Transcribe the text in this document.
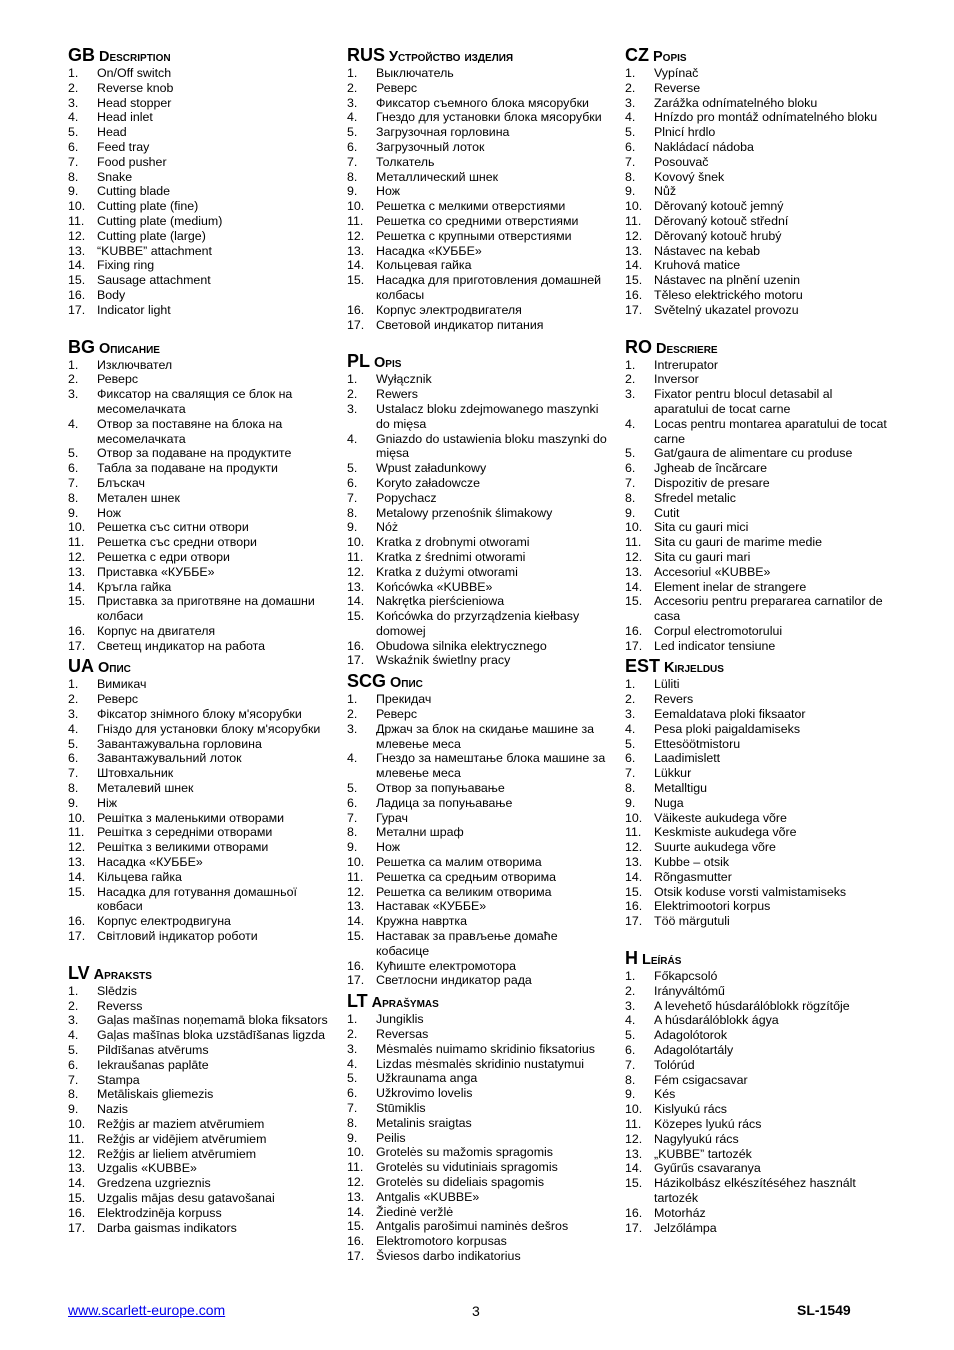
GB Description
1.	On/Off switch
2.	Reverse knob
3.	Head stopper
4.	Head inlet
5.	Head
6.	Feed tray
7.	Food pusher
8.	Snake
9.	Cutting blade
10. Cutting plate (fine)
11.	Cutting plate (medium)
12. Cutting plate (large)
13. “KUBBE” attachment
14. Fixing ring
15. Sausage attachment
16. Body
17. Indicator light
BG Описание
1.	Изключвател
2.	Реверс
3.	Фиксатор на свалящия се блок на месомелачката
4.	Отвор за поставяне на блока на месомелачката
5.	Отвор за подаване на продуктите
6.	Табла за подаване на продукти
7.	Блъскач
8.	Метален шнек
9.	Нож
10. Решетка със ситни отвори
11.	Решетка със средни отвори
12. Решетка с едри отвори
13. Приставка «КУББЕ»
14. Кръгла гайка
15. Приставка за приготвяне на домашни колбаси
16. Корпус на двигателя
17. Светещ индикатор на работа
UA Опис
1.	Вимикач
2.	Реверс
3.	Фіксатор знімного блоку м'ясорубки
4.	Гніздо для установки блоку м'ясорубки
5.	Завантажувальна горловина
6.	Завантажувальний лоток
7.	Штовхальник
8.	Металевий шнек
9.	Ніж
10. Решітка з маленькими отворами
11.	Решітка з середніми отворами
12. Решітка з великими отворами
13. Насадка «КУББЕ»
14. Кільцева гайка
15. Насадка для готування домашньої ковбаси
16. Корпус електродвигуна
17. Світловий індикатор роботи
LV Apraksts
1.	Slēdzis
2.	Reverss
3.	Gaļas mašīnas noņemamā bloka fiksators
4.	Gaļas mašīnas bloka uzstādīšanas ligzda
5.	Pildīšanas atvērums
6.	Iekraušanas paplāte
7.	Stampa
8.	Metāliskais gliemezis
9.	Nazis
10. Režģis ar maziem atvērumiem
11.	Režģis ar vidējiem atvērumiem
12. Režģis ar lieliem atvērumiem
13. Uzgalis «KUBBE»
14. Gredzena uzgrieznis
15. Uzgalis mājas desu gatavošanai
16. Elektrodzinēja korpuss
17. Darba gaismas indikators
RUS Устройство изделия
1.	Выключатель
2.	Реверс
3.	Фиксатор съемного блока мясорубки
4.	Гнездо для установки блока мясорубки
5.	Загрузочная горловина
6.	Загрузочный лоток
7.	Толкатель
8.	Металлический шнек
9.	Нож
10. Решетка с мелкими отверстиями
11.	Решетка со средними отверстиями
12. Решетка с крупными отверстиями
13. Насадка «КУББЕ»
14. Кольцевая гайка
15. Насадка для приготовления домашней колбасы
16. Корпус электродвигателя
17. Световой индикатор питания
PL Opis
1.	Wyłącznik
2.	Rewers
3.	Ustalacz bloku zdejmowanego maszynki do mięsa
4.	Gniazdo do ustawienia bloku maszynki do mięsa
5.	Wpust załadunkowy
6.	Koryto załadowcze
7.	Popychacz
8.	Metalowy przenośnik ślimakowy
9.	Nóż
10. Kratka z drobnymi otworami
11.	Kratka z średnimi otworami
12. Kratka z dużymi otworami
13. Końcówka «KUBBE»
14. Nakrętka pierścieniowa
15. Końcówka do przyrządzenia kiełbasy domowej
16. Obudowa silnika elektrycznego
17. Wskaźnik świetlny pracy
SCG Опис
1.	Прекидач
2.	Реверс
3.	Држач за блок на скидање машине за млевење меса
4.	Гнездо за намештање блока машине за млевење меса
5.	Отвор за попуњавање
6.	Ладица за попуњавање
7.	Гурач
8.	Метални шраф
9.	Нож
10. Решетка са малим отворима
11.	Решетка са средњим отворима
12. Решетка са великим отворима
13. Наставак «КУББЕ»
14. Кружна навртка
15. Наставак за прављење домаће кобасице
16. Кућиште електромотора
17. Светлосни индикатор рада
LT Aprašymas
1.	Jungiklis
2.	Reversas
3.	Mėsmalės nuimamo skridinio fiksatorius
4.	Lizdas mėsmalės skridinio nustatymui
5.	Užkraunama anga
6.	Užkrovimo lovelis
7.	Stūmiklis
8.	Metalinis sraigtas
9.	Peilis
10. Grotelės su mažomis spragomis
11.	Grotelės su vidutiniais spragomis
12. Grotelės su dideliais spagomis
13. Antgalis «KUBBE»
14. Žiedinė veržlė
15. Antgalis parošimui naminės dešros
16. Elektromotoro korpusas
17. Šviesos darbo indikatorius
CZ Popis
1.	Vypínač
2.	Reverse
3.	Zarážka odnímatelného bloku
4.	Hnízdo pro montáž odnímatelného bloku
5.	Plnicí hrdlo
6.	Nakládací nádoba
7.	Posouvač
8.	Kovový šnek
9.	Nůž
10. Děrovaný kotouč jemný
11.	Děrovaný kotouč střední
12. Děrovaný kotouč hrubý
13. Nástavec na kebab
14. Kruhová matice
15. Nástavec na plnění uzenin
16. Těleso elektrického motoru
17. Světelný ukazatel provozu
RO Descriere
1.	Intrerupator
2.	Inversor
3.	Fixator pentru blocul detasabil al aparatului de tocat carne
4.	Locas pentru montarea aparatului de tocat carne
5.	Gat/gaura de alimentare cu produse
6.	Jgheab de încărcare
7.	Dispozitiv de presare
8.	Sfredel metalic
9.	Cutit
10. Sita cu gauri mici
11.	Sita cu gauri de marime medie
12. Sita cu gauri mari
13. Accesoriul «KUBBE»
14. Element inelar de strangere
15. Accesoriu pentru prepararea carnatilor de casa
16. Corpul electromotorului
17. Led indicator tensiune
EST Kirjeldus
1.	Lüliti
2.	Revers
3.	Eemaldatava ploki fiksaator
4.	Pesa ploki paigaldamiseks
5.	Ettesöötmistoru
6.	Laadimislett
7.	Lükkur
8.	Metalltigu
9.	Nuga
10. Väikeste aukudega võre
11.	Keskmiste aukudega võre
12. Suurte aukudega võre
13. Kubbe – otsik
14. Rõngasmutter
15. Otsik koduse vorsti valmistamiseks
16. Elektrimootori korpus
17. Töö märgutuli
H Leírás
1.	Főkapcsoló
2.	Irányváltómű
3.	A levehető húsdarálóblokk rögzítője
4.	A húsdarálóblokk ágya
5.	Adagolótorok
6.	Adagolótartály
7.	Tolórúd
8.	Fém csigacsavar
9.	Kés
10. Kislyukú rács
11.	Közepes lyukú rács
12. Nagylyukú rács
13. „KUBBE” tartozék
14. Gyűrűs csavaranya
15. Házikolbász elkészítéséhez használt tartozék
16. Motorház
17. Jelzőlámpa
www.scarlett-europe.com	3	SL-1549
